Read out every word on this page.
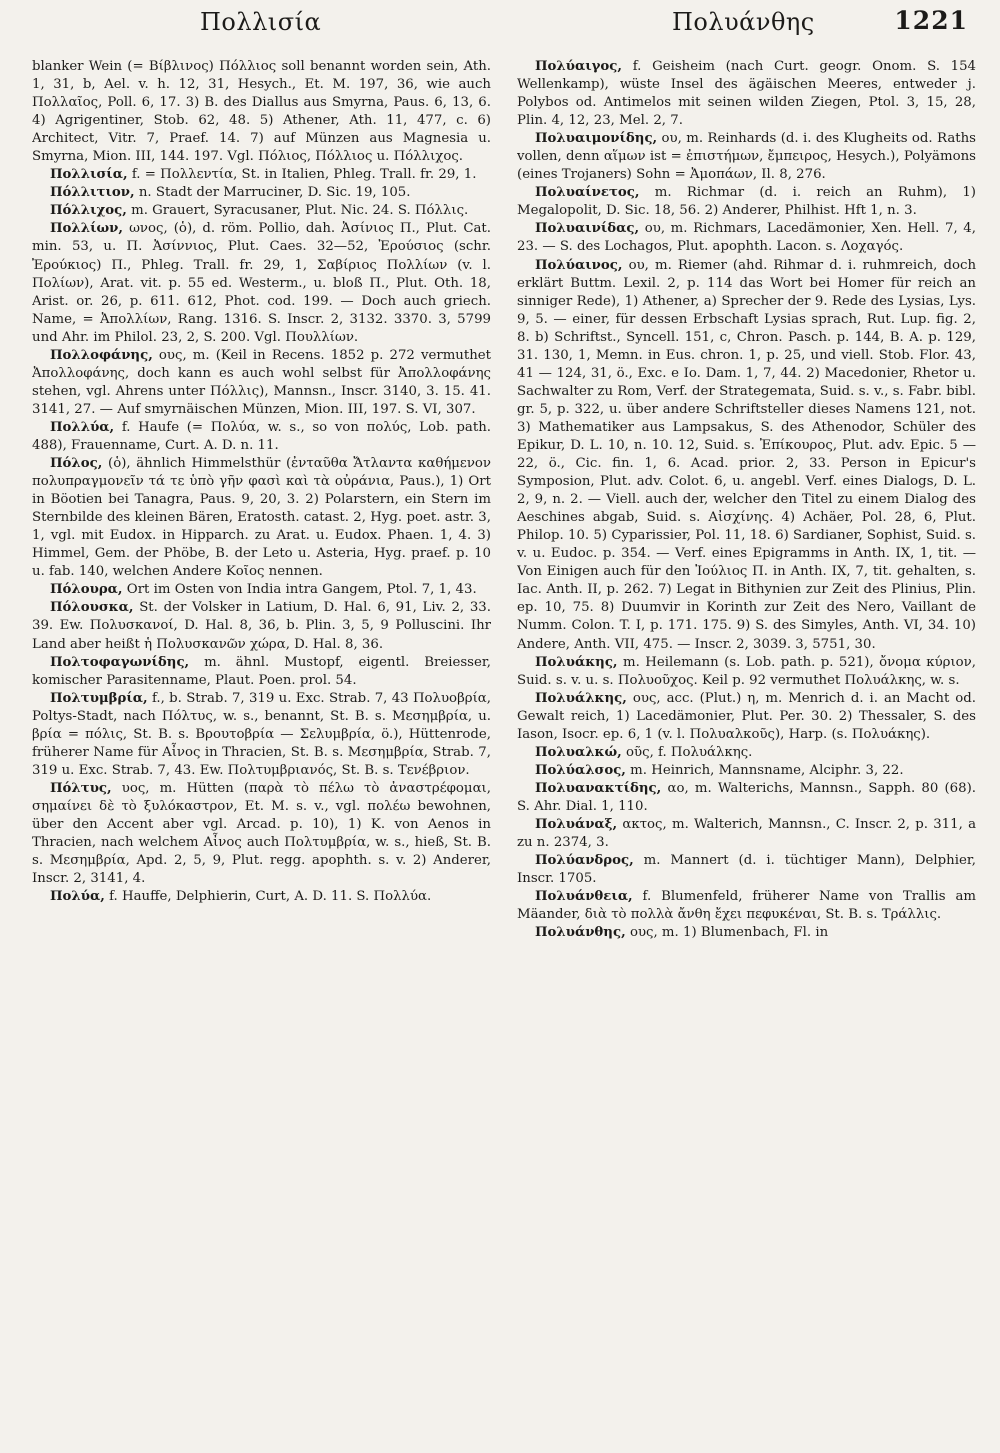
Πολλισία	Πολυάνθης	1221

blanker Wein (= Βίβλινος) Πόλλιος soll benannt worden sein, Ath. 1, 31, b, Ael. v. h. 12, 31, Hesych., Et. M. 197, 36, wie auch Πολλαῖος, Poll. 6, 17. 3) B. des Diallus aus Smyrna, Paus. 6, 13, 6. 4) Agrigentiner, Stob. 62, 48. 5) Athener, Ath. 11, 477, c. 6) Architect, Vitr. 7, Praef. 14. 7) auf Münzen aus Magnesia u. Smyrna, Mion. III, 144. 197. Vgl. Πόλιος, Πόλλιος u. Πόλλιχος.

Πολλισία, f. = Πολλεντία, St. in Italien, Phleg. Trall. fr. 29, 1.

Πόλλιτιον, n. Stadt der Marruciner, D. Sic. 19, 105.

Πόλλιχος, m. Grauert, Syracusaner, Plut. Nic. 24. S. Πόλλις.

Πολλίων, ωνος, (ὁ), d. röm. Pollio, dah. Ἀσίνιος Π., Plut. Cat. min. 53, u. Π. Ἀσίννιος, Plut. Caes. 32—52, Ἐρούσιος (schr. Ἐρούκιος) Π., Phleg. Trall. fr. 29, 1, Σαβίριος Πολλίων (v. l. Πολίων), Arat. vit. p. 55 ed. Westerm., u. bloß Π., Plut. Oth. 18, Arist. or. 26, p. 611. 612, Phot. cod. 199. — Doch auch griech. Name, = Ἀπολλίων, Rang. 1316. S. Inscr. 2, 3132. 3370. 3, 5799 und Ahr. im Philol. 23, 2, S. 200. Vgl. Πουλλίων.

Πολλοφάνης, ους, m. (Keil in Recens. 1852 p. 272 vermuthet Ἀπολλοφάνης, doch kann es auch wohl selbst für Ἀπολλοφάνης stehen, vgl. Ahrens unter Πόλλις), Mannsn., Inscr. 3140, 3. 15. 41. 3141, 27. — Auf smyrnäischen Münzen, Mion. III, 197. S. VI, 307.

Πολλύα, f. Haufe (= Πολύα, w. s., so von πολύς, Lob. path. 488), Frauenname, Curt. A. D. n. 11.

Πόλος, (ὁ), ähnlich Himmelsthür (ἐνταῦθα Ἄτλαντα καθήμενον πολυπραγμονεῖν τά τε ὑπὸ γῆν φασὶ καὶ τὰ οὐράνια, Paus.), 1) Ort in Böotien bei Tanagra, Paus. 9, 20, 3. 2) Polarstern, ein Stern im Sternbilde des kleinen Bären, Eratosth. catast. 2, Hyg. poet. astr. 3, 1, vgl. mit Eudox. in Hipparch. zu Arat. u. Eudox. Phaen. 1, 4. 3) Himmel, Gem. der Phöbe, B. der Leto u. Asteria, Hyg. praef. p. 10 u. fab. 140, welchen Andere Κοῖος nennen.

Πόλουρα, Ort im Osten von India intra Gangem, Ptol. 7, 1, 43.

Πόλουσκα, St. der Volsker in Latium, D. Hal. 6, 91, Liv. 2, 33. 39. Ew. Πολυσκανοί, D. Hal. 8, 36, b. Plin. 3, 5, 9 Polluscini. Ihr Land aber heißt ἡ Πολυσκανῶν χώρα, D. Hal. 8, 36.

Πολτοφαγωνίδης, m. ähnl. Mustopf, eigentl. Breiesser, komischer Parasitenname, Plaut. Poen. prol. 54.

Πολτυμβρία, f., b. Strab. 7, 319 u. Exc. Strab. 7, 43 Πολυοβρία, Poltys-Stadt, nach Πόλτυς, w. s., benannt, St. B. s. Μεσημβρία, u. βρία = πόλις, St. B. s. Βρουτοβρία — Σελυμβρία, ö.), Hüttenrode, früherer Name für Αἶνος in Thracien, St. B. s. Μεσημβρία, Strab. 7, 319 u. Exc. Strab. 7, 43. Ew. Πολτυμβριανός, St. B. s. Τενέβριον.

Πόλτυς, υος, m. Hütten (παρὰ τὸ πέλω τὸ ἀναστρέφομαι, σημαίνει δὲ τὸ ξυλόκαστρον, Et. M. s. v., vgl. πολέω bewohnen, über den Accent aber vgl. Arcad. p. 10), 1) K. von Aenos in Thracien, nach welchem Αἶνος auch Πολτυμβρία, w. s., hieß, St. B. s. Μεσημβρία, Apd. 2, 5, 9, Plut. regg. apophth. s. v. 2) Anderer, Inscr. 2, 3141, 4.

Πολύα, f. Hauffe, Delphierin, Curt, A. D. 11. S. Πολλύα.

Πολύαιγος, f. Geisheim (nach Curt. geogr. Onom. S. 154 Wellenkamp), wüste Insel des ägäischen Meeres, entweder j. Polybos od. Antimelos mit seinen wilden Ziegen, Ptol. 3, 15, 28, Plin. 4, 12, 23, Mel. 2, 7.

Πολυαιμονίδης, ου, m. Reinhards (d. i. des Klugheits od. Raths vollen, denn αἵμων ist = ἐπιστήμων, ἔμπειρος, Hesych.), Polyämons (eines Trojaners) Sohn = Ἀμοπάων, Il. 8, 276.

Πολυαίνετος, m. Richmar (d. i. reich an Ruhm), 1) Megalopolit, D. Sic. 18, 56. 2) Anderer, Philhist. Hft 1, n. 3.

Πολυαινίδας, ου, m. Richmars, Lacedämonier, Xen. Hell. 7, 4, 23. — S. des Lochagos, Plut. apophth. Lacon. s. Λοχαγός.

Πολύαινος, ου, m. Riemer (ahd. Rihmar d. i. ruhmreich, doch erklärt Buttm. Lexil. 2, p. 114 das Wort bei Homer für reich an sinniger Rede), 1) Athener, a) Sprecher der 9. Rede des Lysias, Lys. 9, 5. — einer, für dessen Erbschaft Lysias sprach, Rut. Lup. fig. 2, 8. b) Schriftst., Syncell. 151, c, Chron. Pasch. p. 144, B. A. p. 129, 31. 130, 1, Memn. in Eus. chron. 1, p. 25, und viell. Stob. Flor. 43, 41 — 124, 31, ö., Exc. e Io. Dam. 1, 7, 44. 2) Macedonier, Rhetor u. Sachwalter zu Rom, Verf. der Strategemata, Suid. s. v., s. Fabr. bibl. gr. 5, p. 322, u. über andere Schriftsteller dieses Namens 121, not. 3) Mathematiker aus Lampsakus, S. des Athenodor, Schüler des Epikur, D. L. 10, n. 10. 12, Suid. s. Ἐπίκουρος, Plut. adv. Epic. 5 — 22, ö., Cic. fin. 1, 6. Acad. prior. 2, 33. Person in Epicur's Symposion, Plut. adv. Colot. 6, u. angebl. Verf. eines Dialogs, D. L. 2, 9, n. 2. — Viell. auch der, welcher den Titel zu einem Dialog des Aeschines abgab, Suid. s. Αἰσχίνης. 4) Achäer, Pol. 28, 6, Plut. Philop. 10. 5) Cyparissier, Pol. 11, 18. 6) Sardianer, Sophist, Suid. s. v. u. Eudoc. p. 354. — Verf. eines Epigramms in Anth. IX, 1, tit. — Von Einigen auch für den Ἰούλιος Π. in Anth. IX, 7, tit. gehalten, s. Iac. Anth. II, p. 262. 7) Legat in Bithynien zur Zeit des Plinius, Plin. ep. 10, 75. 8) Duumvir in Korinth zur Zeit des Nero, Vaillant de Numm. Colon. T. I, p. 171. 175. 9) S. des Simyles, Anth. VI, 34. 10) Andere, Anth. VII, 475. — Inscr. 2, 3039. 3, 5751, 30.

Πολυάκης, m. Heilemann (s. Lob. path. p. 521), ὄνομα κύριον, Suid. s. v. u. s. Πολυοῦχος. Keil p. 92 vermuthet Πολυάλκης, w. s.

Πολυάλκης, ους, acc. (Plut.) η, m. Menrich d. i. an Macht od. Gewalt reich, 1) Lacedämonier, Plut. Per. 30. 2) Thessaler, S. des Iason, Isocr. ep. 6, 1 (v. l. Πολυαλκοῦς), Harp. (s. Πολυάκης).

Πολυαλκώ, οῦς, f. Πολυάλκης.

Πολύαλσος, m. Heinrich, Mannsname, Alciphr. 3, 22.

Πολυανακτίδης, αο, m. Walterichs, Mannsn., Sapph. 80 (68). S. Ahr. Dial. 1, 110.

Πολυάναξ, ακτος, m. Walterich, Mannsn., C. Inscr. 2, p. 311, a zu n. 2374, 3.

Πολύανδρος, m. Mannert (d. i. tüchtiger Mann), Delphier, Inscr. 1705.

Πολυάνθεια, f. Blumenfeld, früherer Name von Trallis am Mäander, διὰ τὸ πολλὰ ἄνθη ἔχει πεφυκέναι, St. B. s. Τράλλις.

Πολυάνθης, ους, m. 1) Blumenbach, Fl. in
